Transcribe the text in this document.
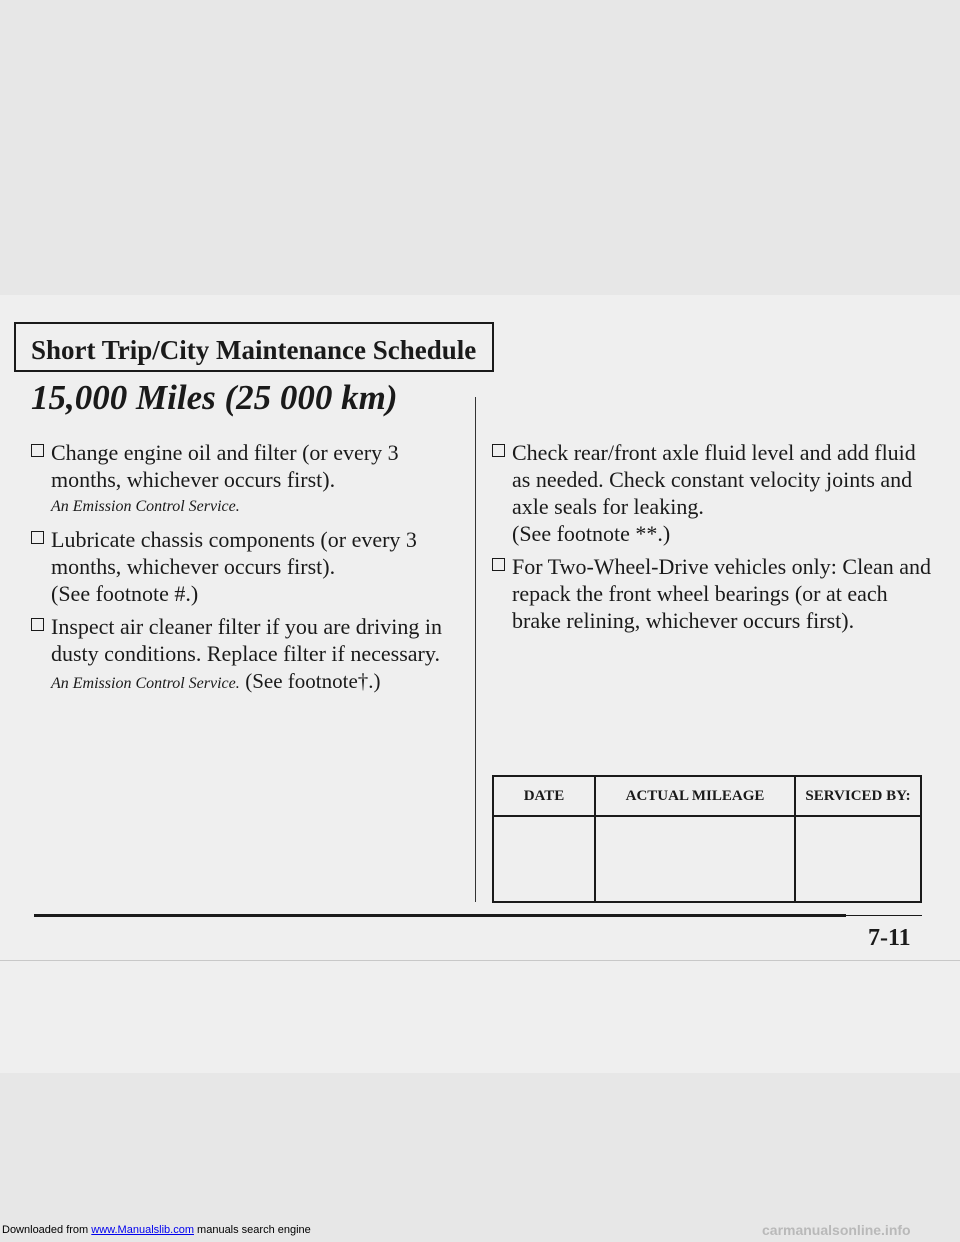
Short Trip/City Maintenance Schedule
15,000 Miles (25 000 km)
Change engine oil and filter (or every 3 months, whichever occurs first).
An Emission Control Service.
Lubricate chassis components (or every 3 months, whichever occurs first).
(See footnote #.)
Inspect air cleaner filter if you are driving in dusty conditions. Replace filter if necessary.
An Emission Control Service. (See footnote†.)
Check rear/front axle fluid level and add fluid as needed. Check constant velocity joints and axle seals for leaking.
(See footnote **.)
For Two-Wheel-Drive vehicles only: Clean and repack the front wheel bearings (or at each brake relining, whichever occurs first).
DATE	ACTUAL MILEAGE	SERVICED BY:

7-11
Downloaded from www.Manualslib.com manuals search engine	carmanualsonline.info
